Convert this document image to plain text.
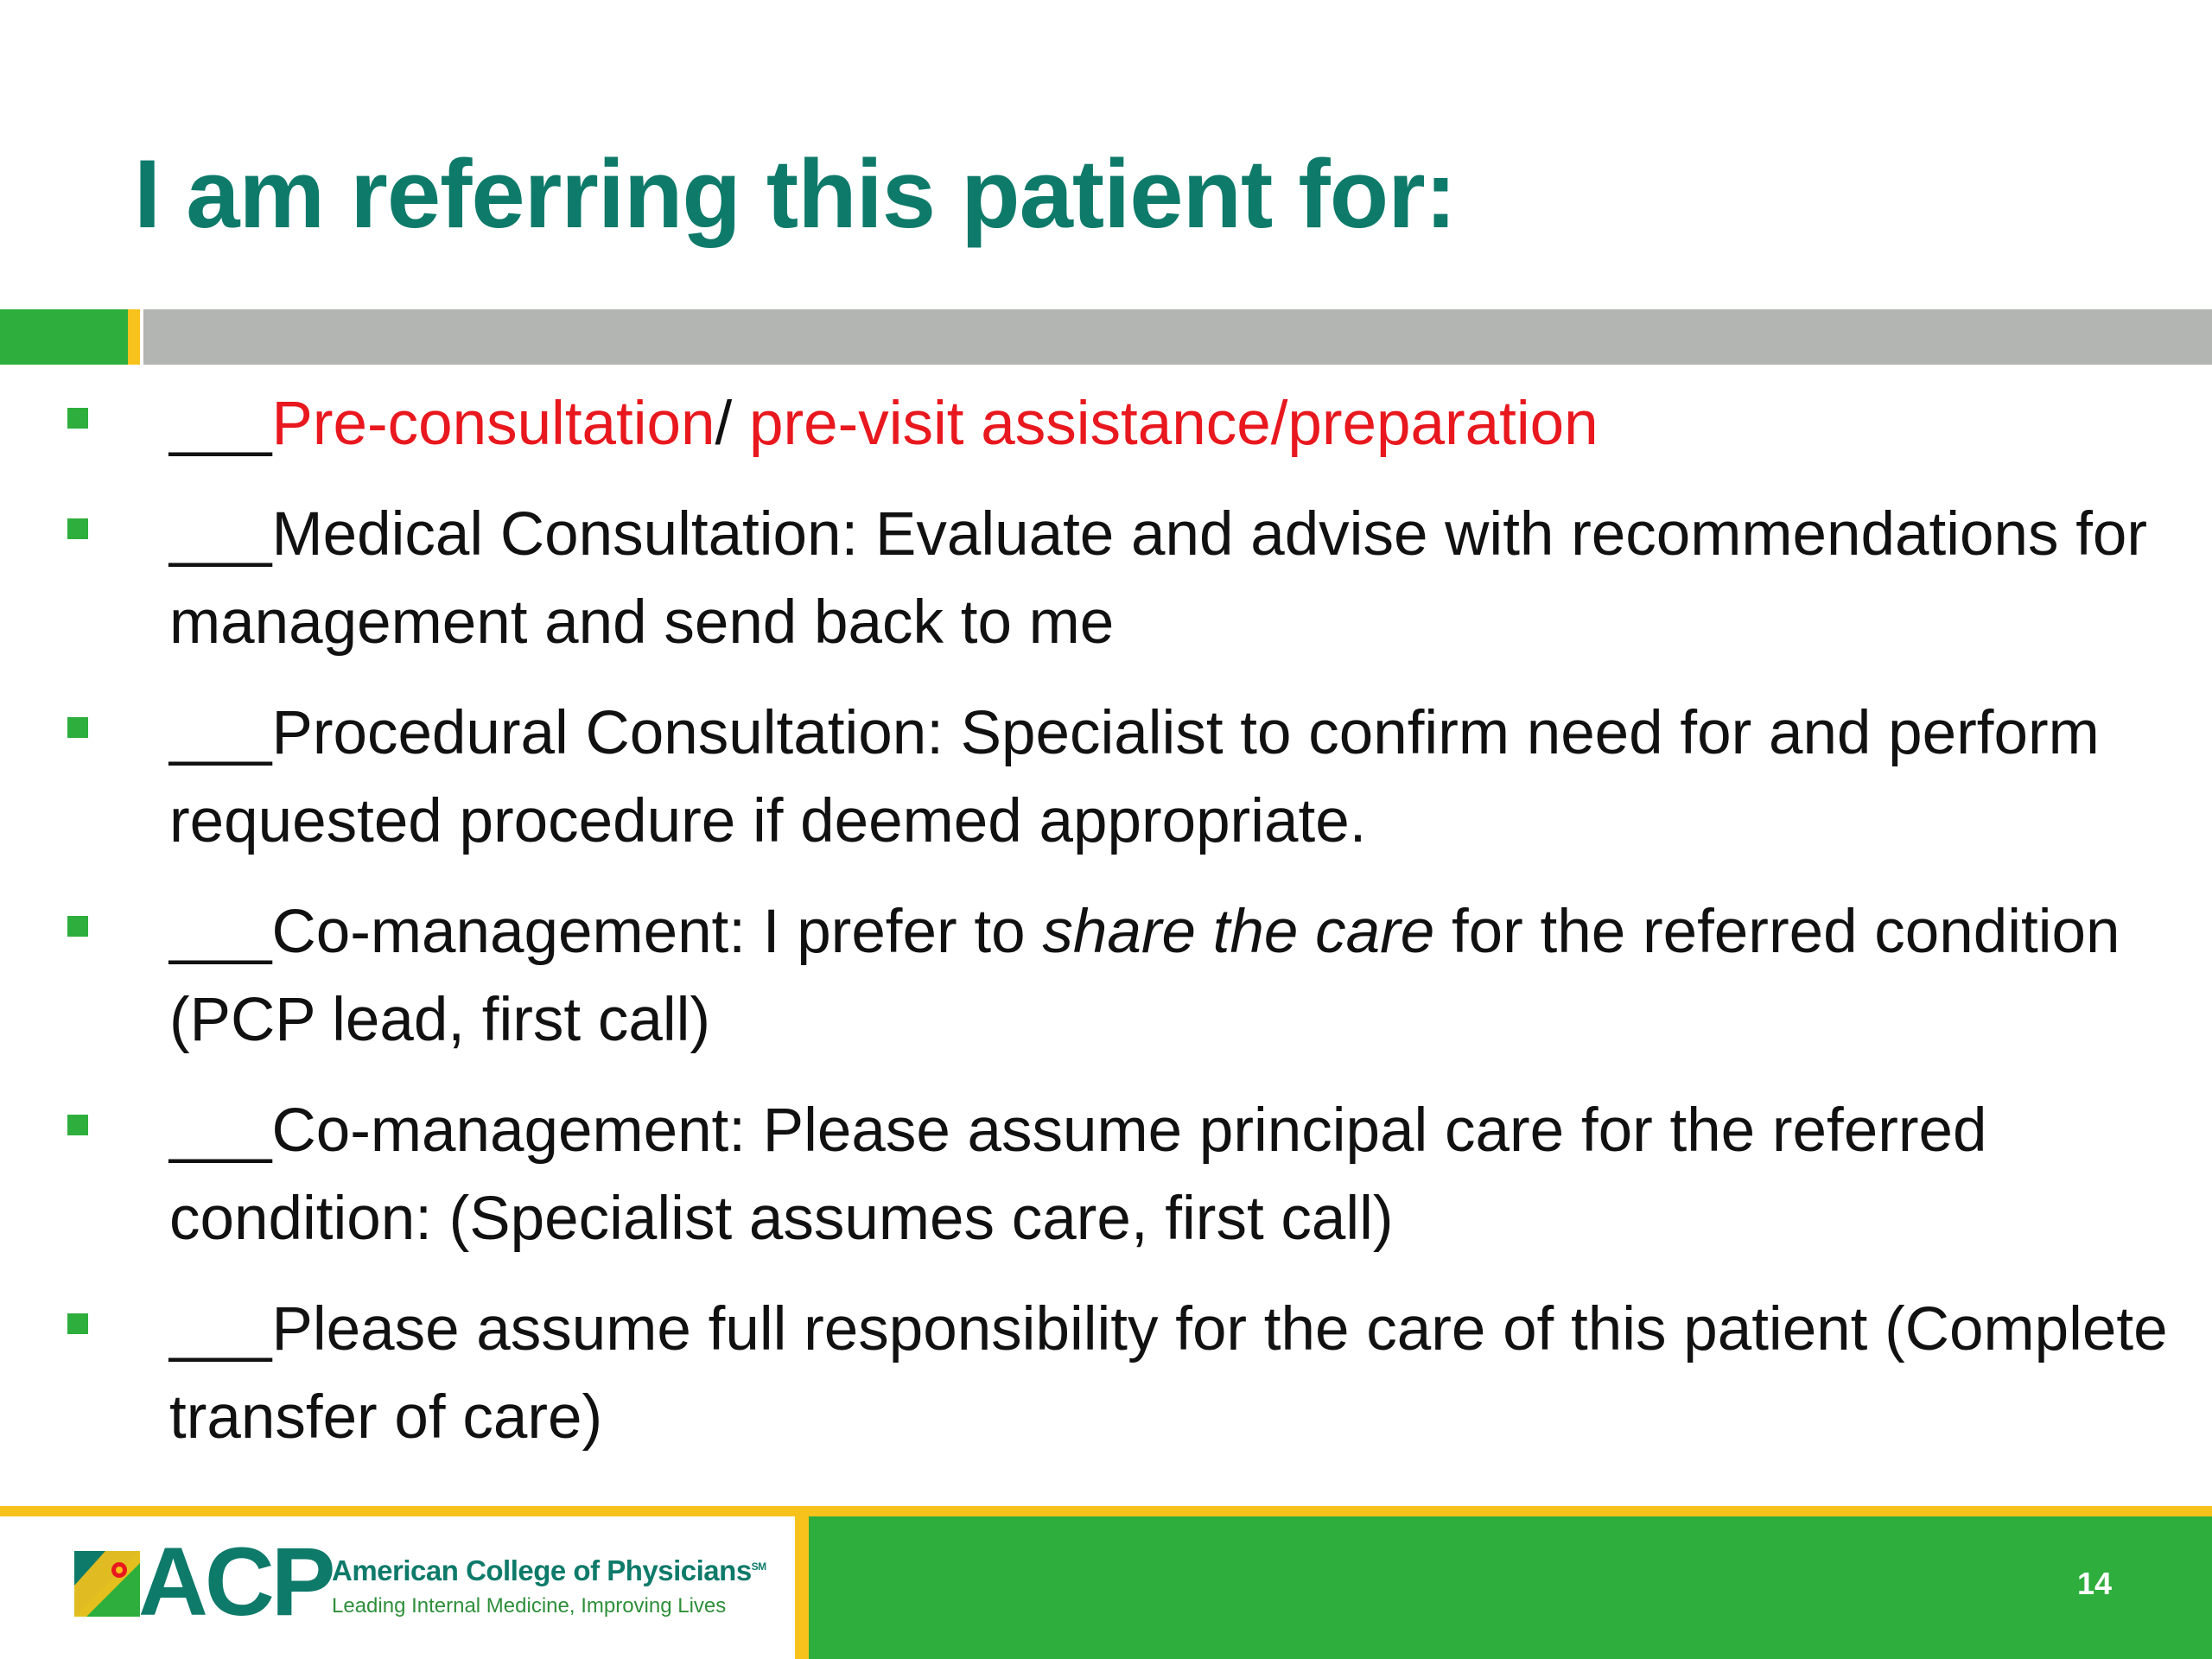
I am referring this patient for:
___Pre-consultation/ pre-visit assistance/preparation
___Medical Consultation: Evaluate and advise with recommendations for management and send back to me
___Procedural Consultation: Specialist to confirm need for and perform requested procedure if deemed appropriate.
___Co-management: I prefer to share the care for the referred condition (PCP lead, first call)
___Co-management: Please assume principal care for the referred condition: (Specialist assumes care, first call)
___Please assume full responsibility for the care of this patient (Complete transfer of care)
ACP American College of Physicians℠
Leading Internal Medicine, Improving Lives
14
